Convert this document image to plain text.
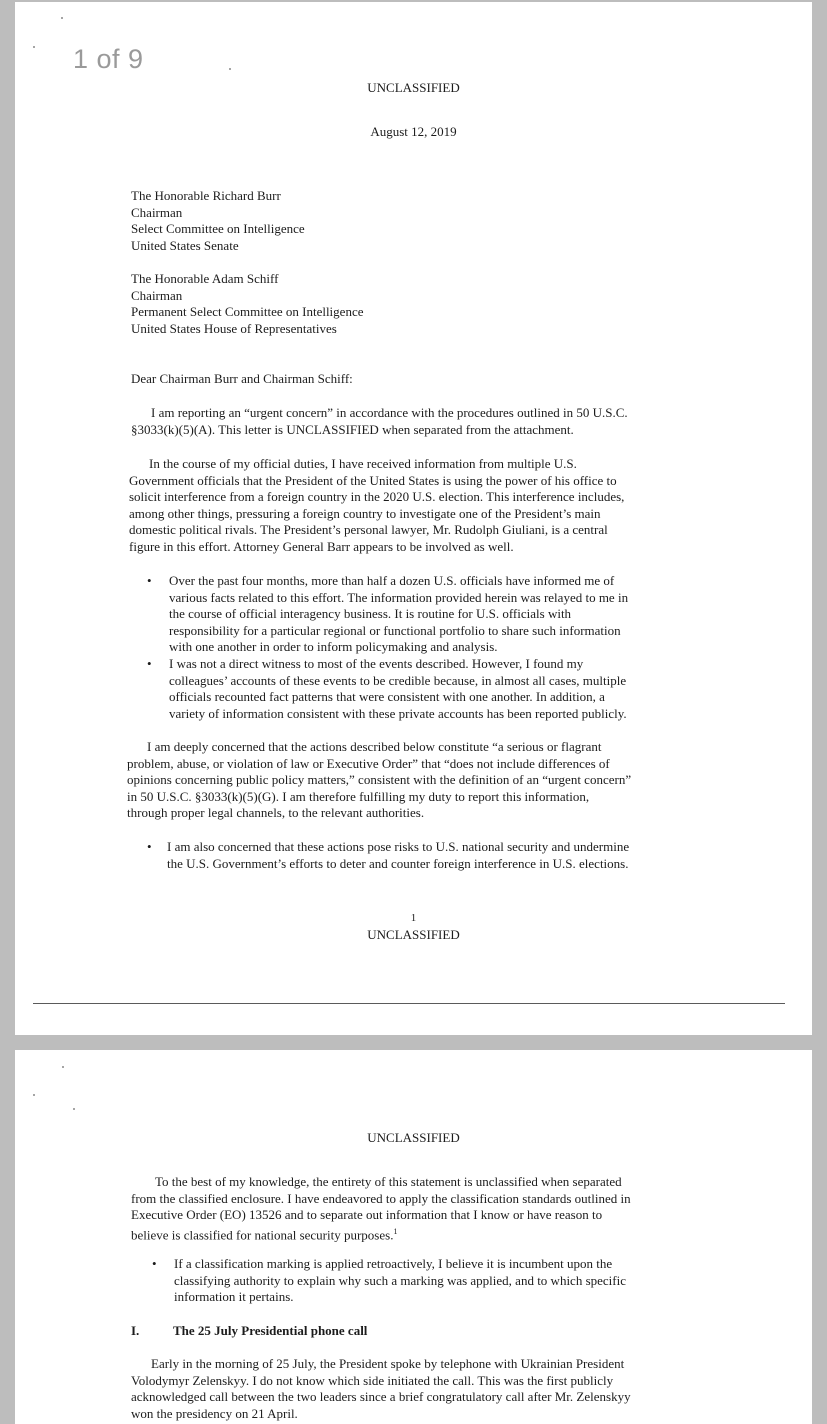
1 of 9
UNCLASSIFIED
August 12, 2019
The Honorable Richard Burr
Chairman
Select Committee on Intelligence
United States Senate
The Honorable Adam Schiff
Chairman
Permanent Select Committee on Intelligence
United States House of Representatives
Dear Chairman Burr and Chairman Schiff:
I am reporting an “urgent concern” in accordance with the procedures outlined in 50 U.S.C.
§3033(k)(5)(A). This letter is UNCLASSIFIED when separated from the attachment.
In the course of my official duties, I have received information from multiple U.S.
Government officials that the President of the United States is using the power of his office to
solicit interference from a foreign country in the 2020 U.S. election. This interference includes,
among other things, pressuring a foreign country to investigate one of the President’s main
domestic political rivals. The President’s personal lawyer, Mr. Rudolph Giuliani, is a central
figure in this effort. Attorney General Barr appears to be involved as well.
• Over the past four months, more than half a dozen U.S. officials have informed me of
various facts related to this effort. The information provided herein was relayed to me in
the course of official interagency business. It is routine for U.S. officials with
responsibility for a particular regional or functional portfolio to share such information
with one another in order to inform policymaking and analysis.
• I was not a direct witness to most of the events described. However, I found my
colleagues’ accounts of these events to be credible because, in almost all cases, multiple
officials recounted fact patterns that were consistent with one another. In addition, a
variety of information consistent with these private accounts has been reported publicly.
I am deeply concerned that the actions described below constitute “a serious or flagrant
problem, abuse, or violation of law or Executive Order” that “does not include differences of
opinions concerning public policy matters,” consistent with the definition of an “urgent concern”
in 50 U.S.C. §3033(k)(5)(G). I am therefore fulfilling my duty to report this information,
through proper legal channels, to the relevant authorities.
• I am also concerned that these actions pose risks to U.S. national security and undermine
the U.S. Government’s efforts to deter and counter foreign interference in U.S. elections.
1
UNCLASSIFIED
UNCLASSIFIED
To the best of my knowledge, the entirety of this statement is unclassified when separated
from the classified enclosure. I have endeavored to apply the classification standards outlined in
Executive Order (EO) 13526 and to separate out information that I know or have reason to
believe is classified for national security purposes.$^1$
• If a classification marking is applied retroactively, I believe it is incumbent upon the
classifying authority to explain why such a marking was applied, and to which specific
information it pertains.
I.	The 25 July Presidential phone call
Early in the morning of 25 July, the President spoke by telephone with Ukrainian President
Volodymyr Zelenskyy. I do not know which side initiated the call. This was the first publicly
acknowledged call between the two leaders since a brief congratulatory call after Mr. Zelenskyy
won the presidency on 21 April.
